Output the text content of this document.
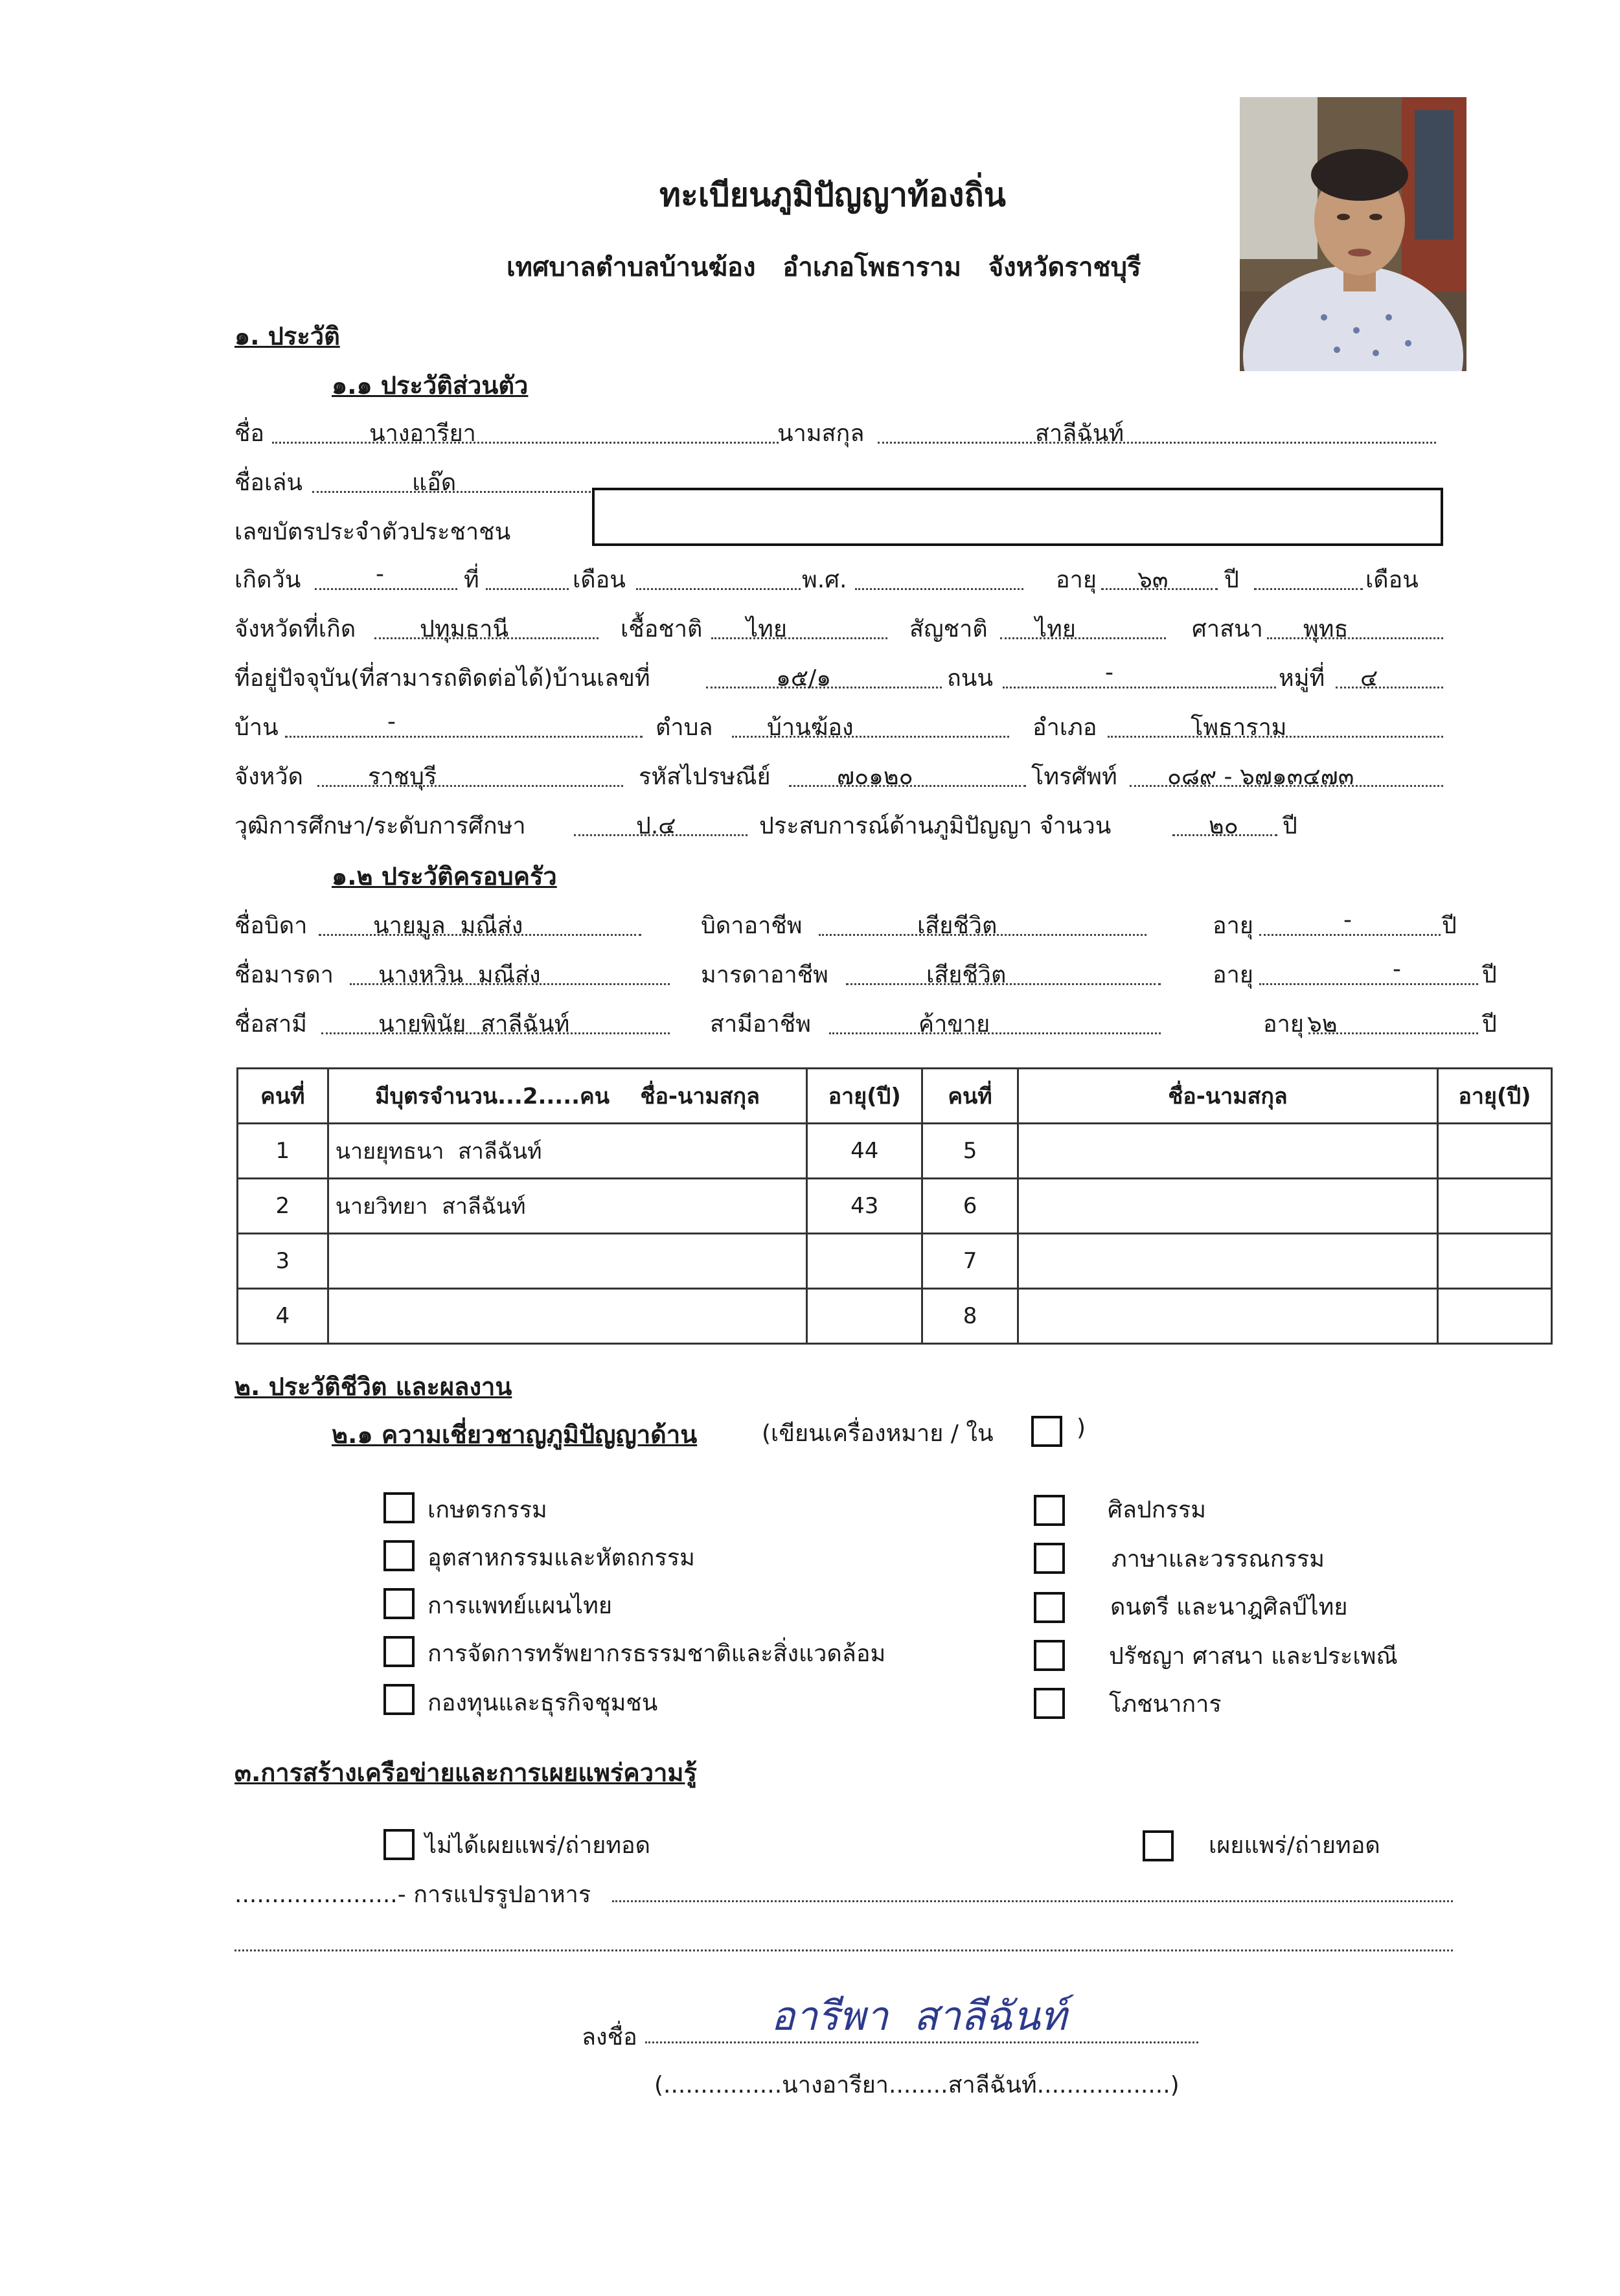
ทะเบียนภูมิปัญญาท้องถิ่น
เทศบาลตำบลบ้านฆ้อง   อำเภอโพธาราม   จังหวัดราชบุรี
๑. ประวัติ
๑.๑ ประวัติส่วนตัว
ชื่อ	นางอารียา	นามสกุล	สาลีฉันท์
ชื่อเล่น	แอ๊ด
เลขบัตรประจำตัวประชาชน
เกิดวัน	-	ที่	เดือน	พ.ศ.	อายุ ๖๓ ปี	เดือน
จังหวัดที่เกิด	ปทุมธานี	เชื้อชาติ ไทย	สัญชาติ ไทย	ศาสนา พุทธ
ที่อยู่ปัจจุบัน(ที่สามารถติดต่อได้)บ้านเลขที่	๑๕/๑	ถนน	-	หมู่ที่ ๔
บ้าน	-	ตำบล บ้านฆ้อง	อำเภอ	โพธาราม
จังหวัด	ราชบุรี	รหัสไปรษณีย์	๗๐๑๒๐	โทรศัพท์ ๐๘๙ - ๖๗๑๓๔๗๓
วุฒิการศึกษา/ระดับการศึกษา	ป.๔	ประสบการณ์ด้านภูมิปัญญา จำนวน	๒๐ ปี
๑.๒ ประวัติครอบครัว
ชื่อบิดา	นายมูล  มณีส่ง	บิดาอาชีพ	เสียชีวิต	อายุ	-	ปี
ชื่อมารดา นางหวิน  มณีส่ง	มารดาอาชีพ	เสียชีวิต	อายุ	-	ปี
ชื่อสามี	นายพินัย  สาลีฉันท์	สามีอาชีพ	ค้าขาย	อายุ ๖๒	ปี
คนที่	มีบุตรจำนวน...2.....คน    ชื่อ-นามสกุล	อายุ(ปี)	คนที่	ชื่อ-นามสกุล	อายุ(ปี)
1	นายยุทธนา  สาลีฉันท์	44	5		
2	นายวิทยา  สาลีฉันท์	43	6		
3			7		
4			8		
๒. ประวัติชีวิต และผลงาน
๒.๑ ความเชี่ยวชาญภูมิปัญญาด้าน	(เขียนเครื่องหมาย / ใน	)
เกษตรกรรม
อุตสาหกรรมและหัตถกรรม
การแพทย์แผนไทย
การจัดการทรัพยากรธรรมชาติและสิ่งแวดล้อม
กองทุนและธุรกิจชุมชน
ศิลปกรรม
ภาษาและวรรณกรรม
ดนตรี และนาฎศิลป์ไทย
ปรัชญา ศาสนา และประเพณี
โภชนาการ
๓.การสร้างเครือข่ายและการเผยแพร่ความรู้
ไม่ได้เผยแพร่/ถ่ายทอด	เผยแพร่/ถ่ายทอด
......................- การแปรรูปอาหาร
ลงชื่อ	อารีพา  สาลีฉันท์
(................นางอารียา........สาลีฉันท์..................)
